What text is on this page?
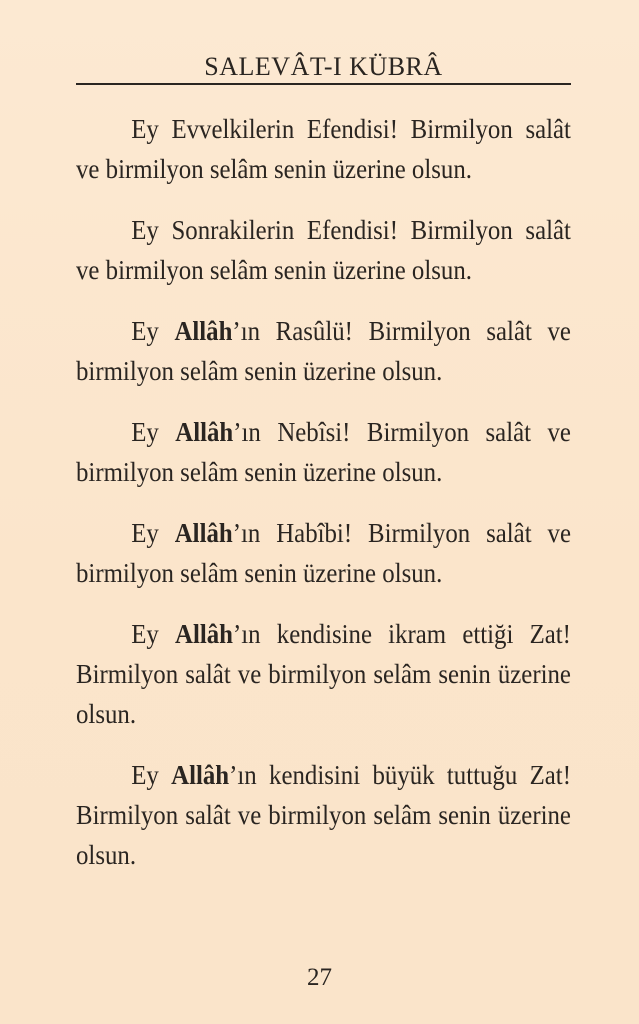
SALEVÂT-I KÜBRÂ

Ey Evvelkilerin Efendisi! Birmilyon salât ve birmilyon selâm senin üzerine olsun.

Ey Sonrakilerin Efendisi! Birmilyon salât ve birmilyon selâm senin üzerine olsun.

Ey Allâh’ın Rasûlü! Birmilyon salât ve birmilyon selâm senin üzerine olsun.

Ey Allâh’ın Nebîsi! Birmilyon salât ve birmilyon selâm senin üzerine olsun.

Ey Allâh’ın Habîbi! Birmilyon salât ve birmilyon selâm senin üzerine olsun.

Ey Allâh’ın kendisine ikram ettiği Zat! Birmilyon salât ve birmilyon selâm senin üzerine olsun.

Ey Allâh’ın kendisini büyük tuttuğu Zat! Birmilyon salât ve birmilyon selâm senin üzerine olsun.

27
